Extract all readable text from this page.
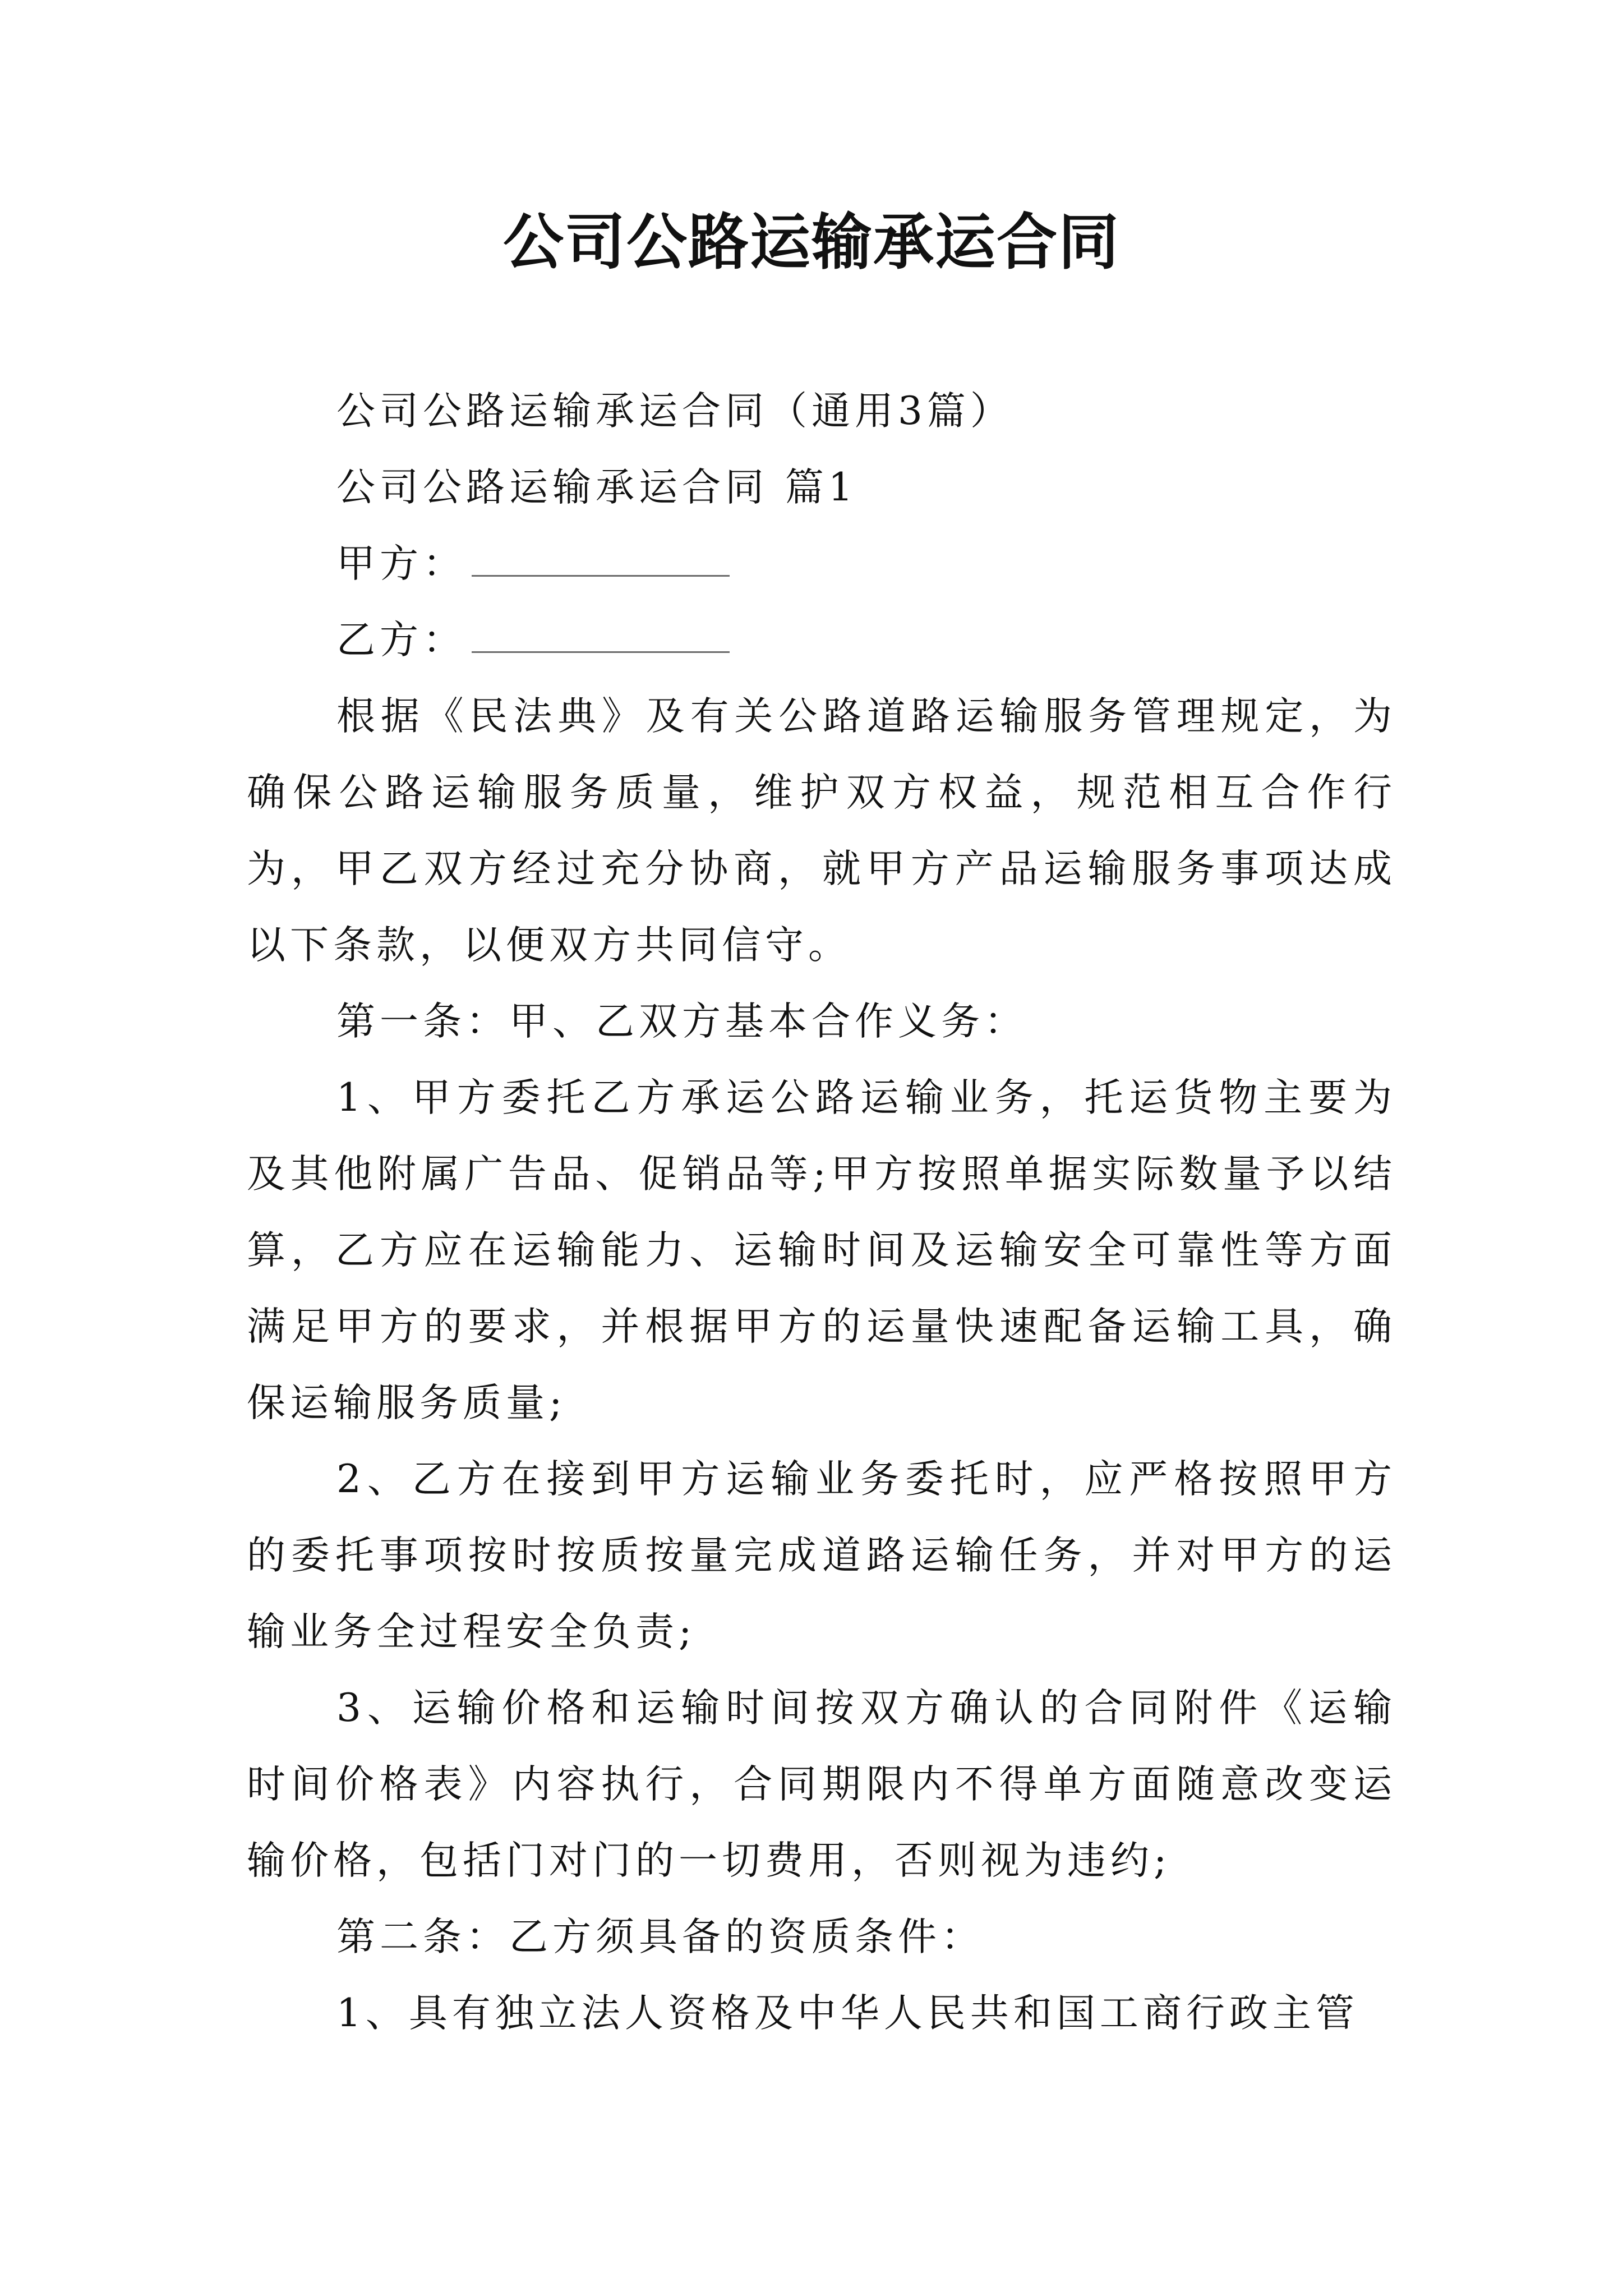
公司公路运输承运合同

公司公路运输承运合同（通用3篇）

公司公路运输承运合同 篇1

甲方：
乙方：

根据《民法典》及有关公路道路运输服务管理规定，为确保公路运输服务质量，维护双方权益，规范相互合作行为，甲乙双方经过充分协商，就甲方产品运输服务事项达成以下条款，以便双方共同信守。

第一条：甲、乙双方基本合作义务：

1、甲方委托乙方承运公路运输业务，托运货物主要为及其他附属广告品、促销品等;甲方按照单据实际数量予以结算，乙方应在运输能力、运输时间及运输安全可靠性等方面满足甲方的要求，并根据甲方的运量快速配备运输工具，确保运输服务质量;

2、乙方在接到甲方运输业务委托时，应严格按照甲方的委托事项按时按质按量完成道路运输任务，并对甲方的运输业务全过程安全负责;

3、运输价格和运输时间按双方确认的合同附件《运输时间价格表》内容执行，合同期限内不得单方面随意改变运输价格，包括门对门的一切费用，否则视为违约;

第二条：乙方须具备的资质条件：

1、具有独立法人资格及中华人民共和国工商行政主管
